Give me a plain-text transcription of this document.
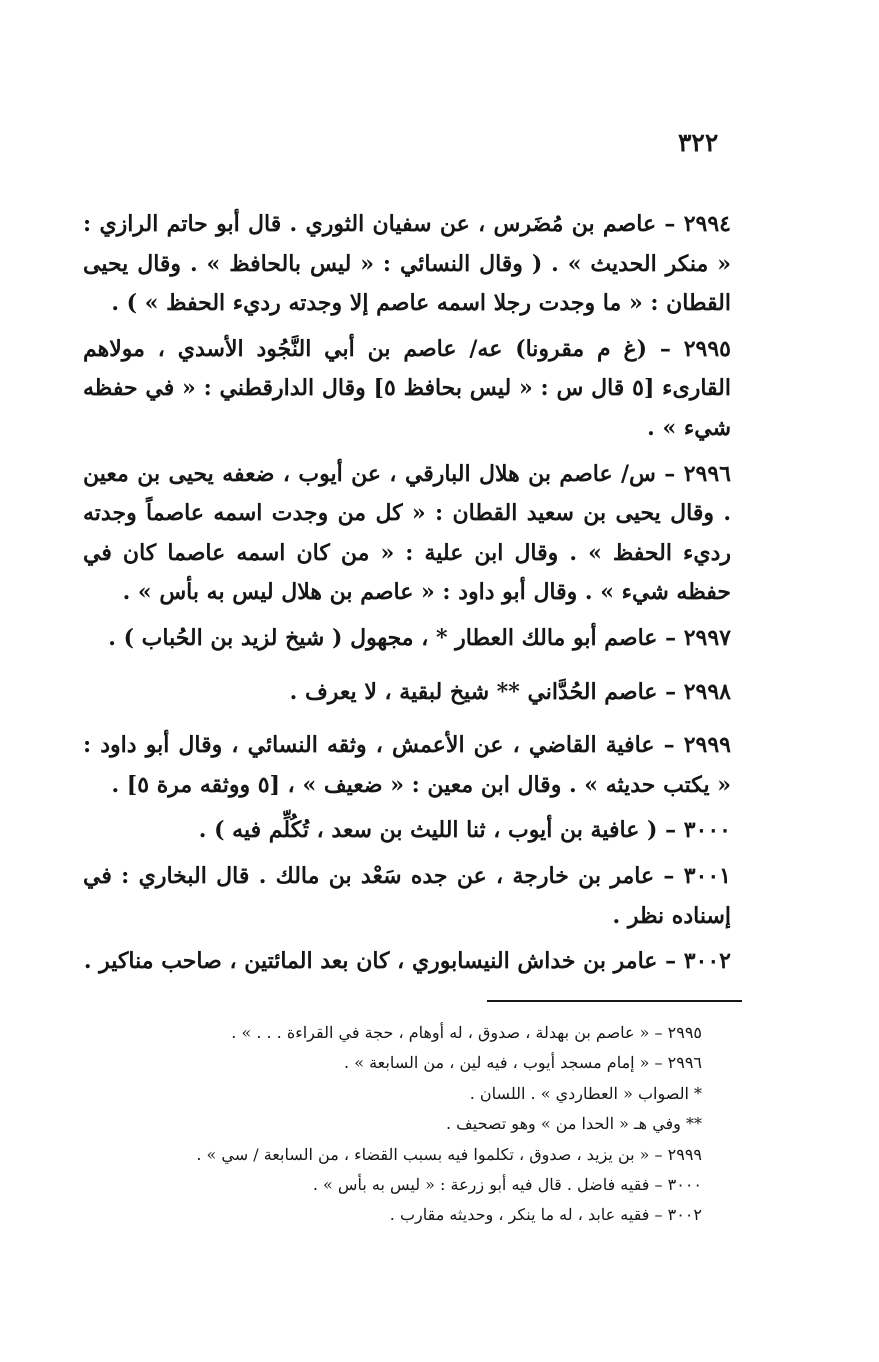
٣٢٢

٢٩٩٤ – عاصم بن مُضَرس ، عن سفيان الثوري . قال أبو حاتم الرازي : « منكر الحديث » . ( وقال النسائي : « ليس بالحافظ » . وقال يحيى القطان : « ما وجدت رجلا اسمه عاصم إلا وجدته رديء الحفظ » ) .

٢٩٩٥ – (غ م مقرونا) عه/ عاصم بن أبي النَّجُود الأسدي ، مولاهم القارىء [٥ قال س : « ليس بحافظ ٥] وقال الدارقطني : « في حفظه شيء » .

٢٩٩٦ – س/ عاصم بن هلال البارقي ، عن أيوب ، ضعفه يحيى بن معين . وقال يحيى بن سعيد القطان : « كل من وجدت اسمه عاصماً وجدته رديء الحفظ » . وقال ابن علية : « من كان اسمه عاصما كان في حفظه شيء » . وقال أبو داود : « عاصم بن هلال ليس به بأس » .

٢٩٩٧ – عاصم أبو مالك العطار * ، مجهول ( شيخ لزيد بن الحُباب ) .

٢٩٩٨ – عاصم الحُدَّاني ** شيخ لبقية ، لا يعرف .

٢٩٩٩ – عافية القاضي ، عن الأعمش ، وثقه النسائي ، وقال أبو داود : « يكتب حديثه » . وقال ابن معين : « ضعيف » ، [٥ ووثقه مرة ٥] .

٣٠٠٠ – ( عافية بن أيوب ، ثنا الليث بن سعد ، تُكُلِّم فيه ) .

٣٠٠١ – عامر بن خارجة ، عن جده سَعْد بن مالك . قال البخاري : في إسناده نظر .

٣٠٠٢ – عامر بن خداش النيسابوري ، كان بعد المائتين ، صاحب مناكير .

٢٩٩٥ – « عاصم بن بهدلة ، صدوق ، له أوهام ، حجة في القراءة . . . » .
٢٩٩٦ – « إمام مسجد أيوب ، فيه لين ، من السابعة » .
* الصواب « العطاردي » . اللسان .
** وفي هـ « الحدا من » وهو تصحيف .
٢٩٩٩ – « بن يزيد ، صدوق ، تكلموا فيه بسبب القضاء ، من السابعة / سي » .
٣٠٠٠ – فقيه فاضل . قال فيه أبو زرعة : « ليس به بأس » .
٣٠٠٢ – فقيه عابد ، له ما ينكر ، وحديثه مقارب .
